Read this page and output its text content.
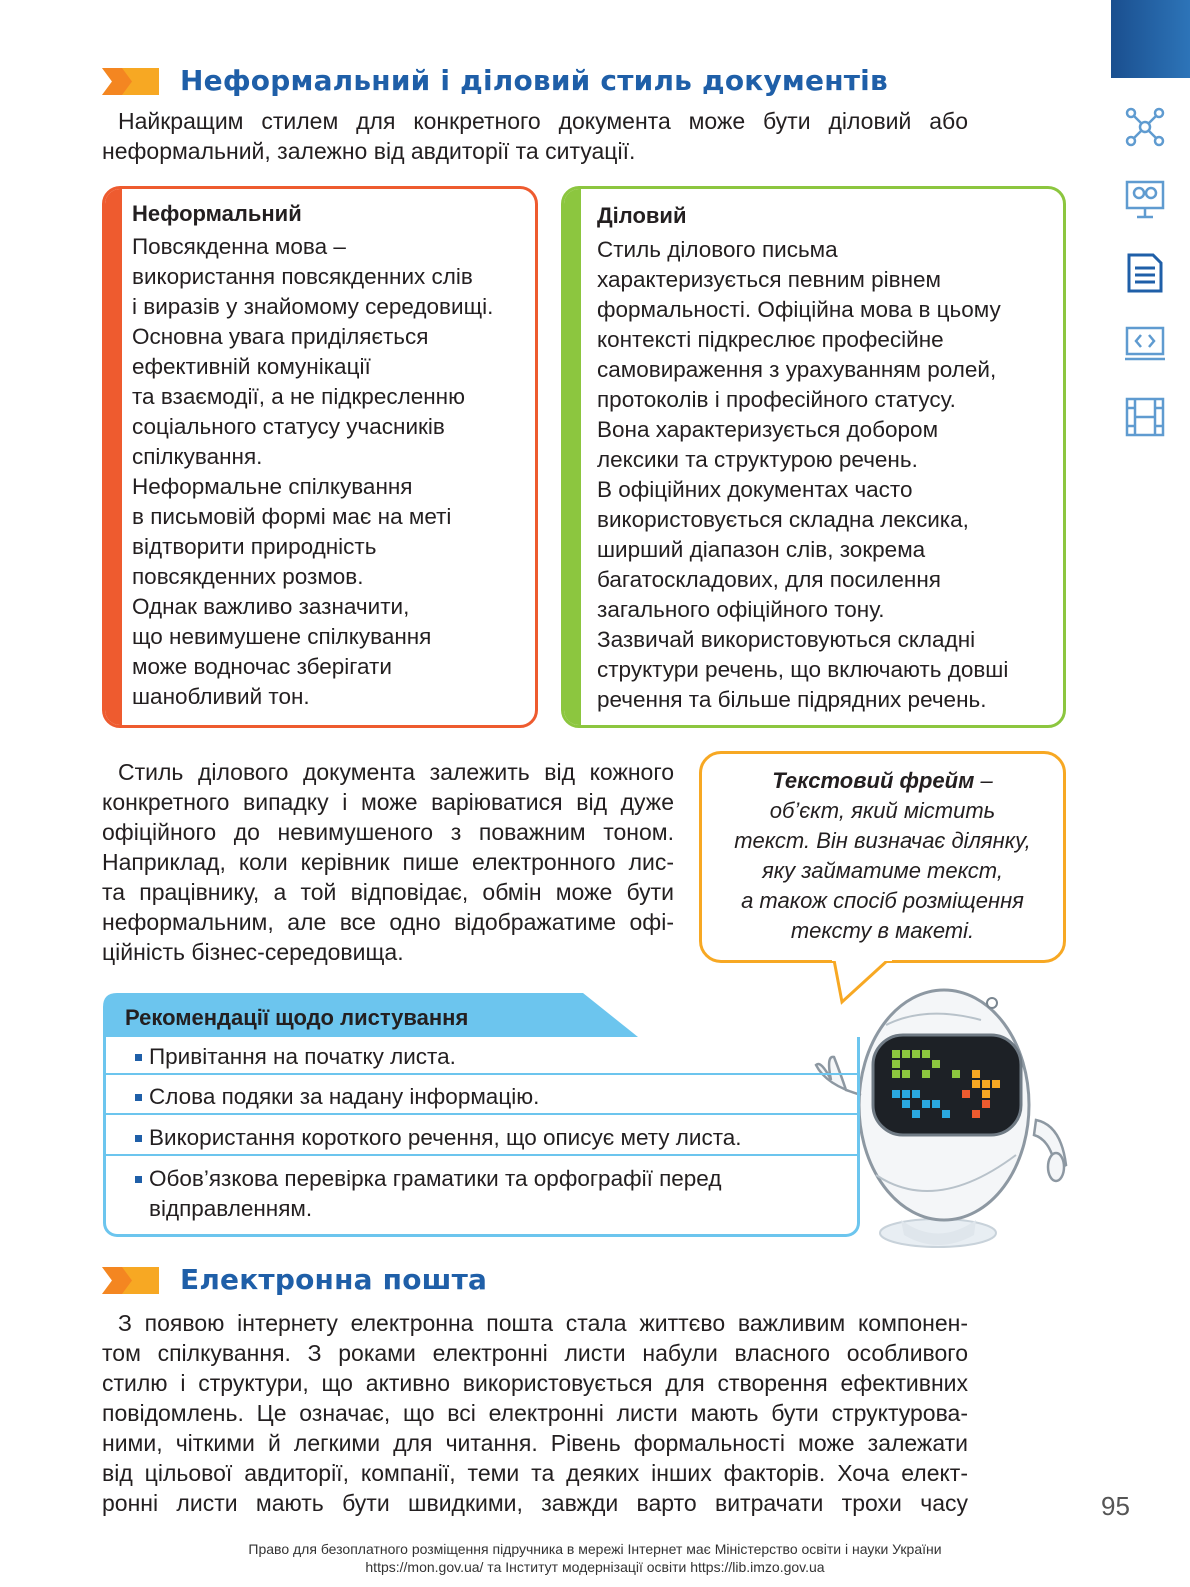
Неформальний і діловий стиль документів
Найкращим стилем для конкретного документа може бути діловий або
неформальний, залежно від авдиторії та ситуації.
Неформальний
Повсякденна мова –
використання повсякденних слів
і виразів у знайомому середовищі.
Основна увага приділяється
ефективній комунікації
та взаємодії, а не підкресленню
соціального статусу учасників
спілкування.
Неформальне спілкування
в письмовій формі має на меті
відтворити природність
повсякденних розмов.
Однак важливо зазначити,
що невимушене спілкування
може водночас зберігати
шанобливий тон.
Діловий
Стиль ділового письма
характеризується певним рівнем
формальності. Офіційна мова в цьому
контексті підкреслює професійне
самовираження з урахуванням ролей,
протоколів і професійного статусу.
Вона характеризується добором
лексики та структурою речень.
В офіційних документах часто
використовується складна лексика,
ширший діапазон слів, зокрема
багатоскладових, для посилення
загального офіційного тону.
Зазвичай використовуються складні
структури речень, що включають довші
речення та більше підрядних речень.
Стиль ділового документа залежить від кожного
конкретного випадку і може варіюватися від дуже
офіційного до невимушеного з поважним тоном.
Наприклад, коли керівник пише електронного лис-
та працівнику, а той відповідає, обмін може бути
неформальним, але все одно відображатиме офі-
ційність бізнес-середовища.
Текстовий фрейм –
об’єкт, який містить
текст. Він визначає ділянку,
яку займатиме текст,
а також спосіб розміщення
тексту в макеті.
Рекомендації щодо листування
Привітання на початку листа.
Слова подяки за надану інформацію.
Використання короткого речення, що описує мету листа.
Обов’язкова перевірка граматики та орфографії перед
відправленням.
Електронна пошта
З появою інтернету електронна пошта стала життєво важливим компонен-
том спілкування. З роками електронні листи набули власного особливого
стилю і структури, що активно використовується для створення ефективних
повідомлень. Це означає, що всі електронні листи мають бути структурова-
ними, чіткими й легкими для читання. Рівень формальності може залежати
від цільової авдиторії, компанії, теми та деяких інших факторів. Хоча елект-
ронні листи мають бути швидкими, завжди варто витрачати трохи часу	95
Право для безоплатного розміщення підручника в мережі Інтернет має Міністерство освіти і науки України
https://mon.gov.ua/ та Інститут модернізації освіти https://lib.imzo.gov.ua
